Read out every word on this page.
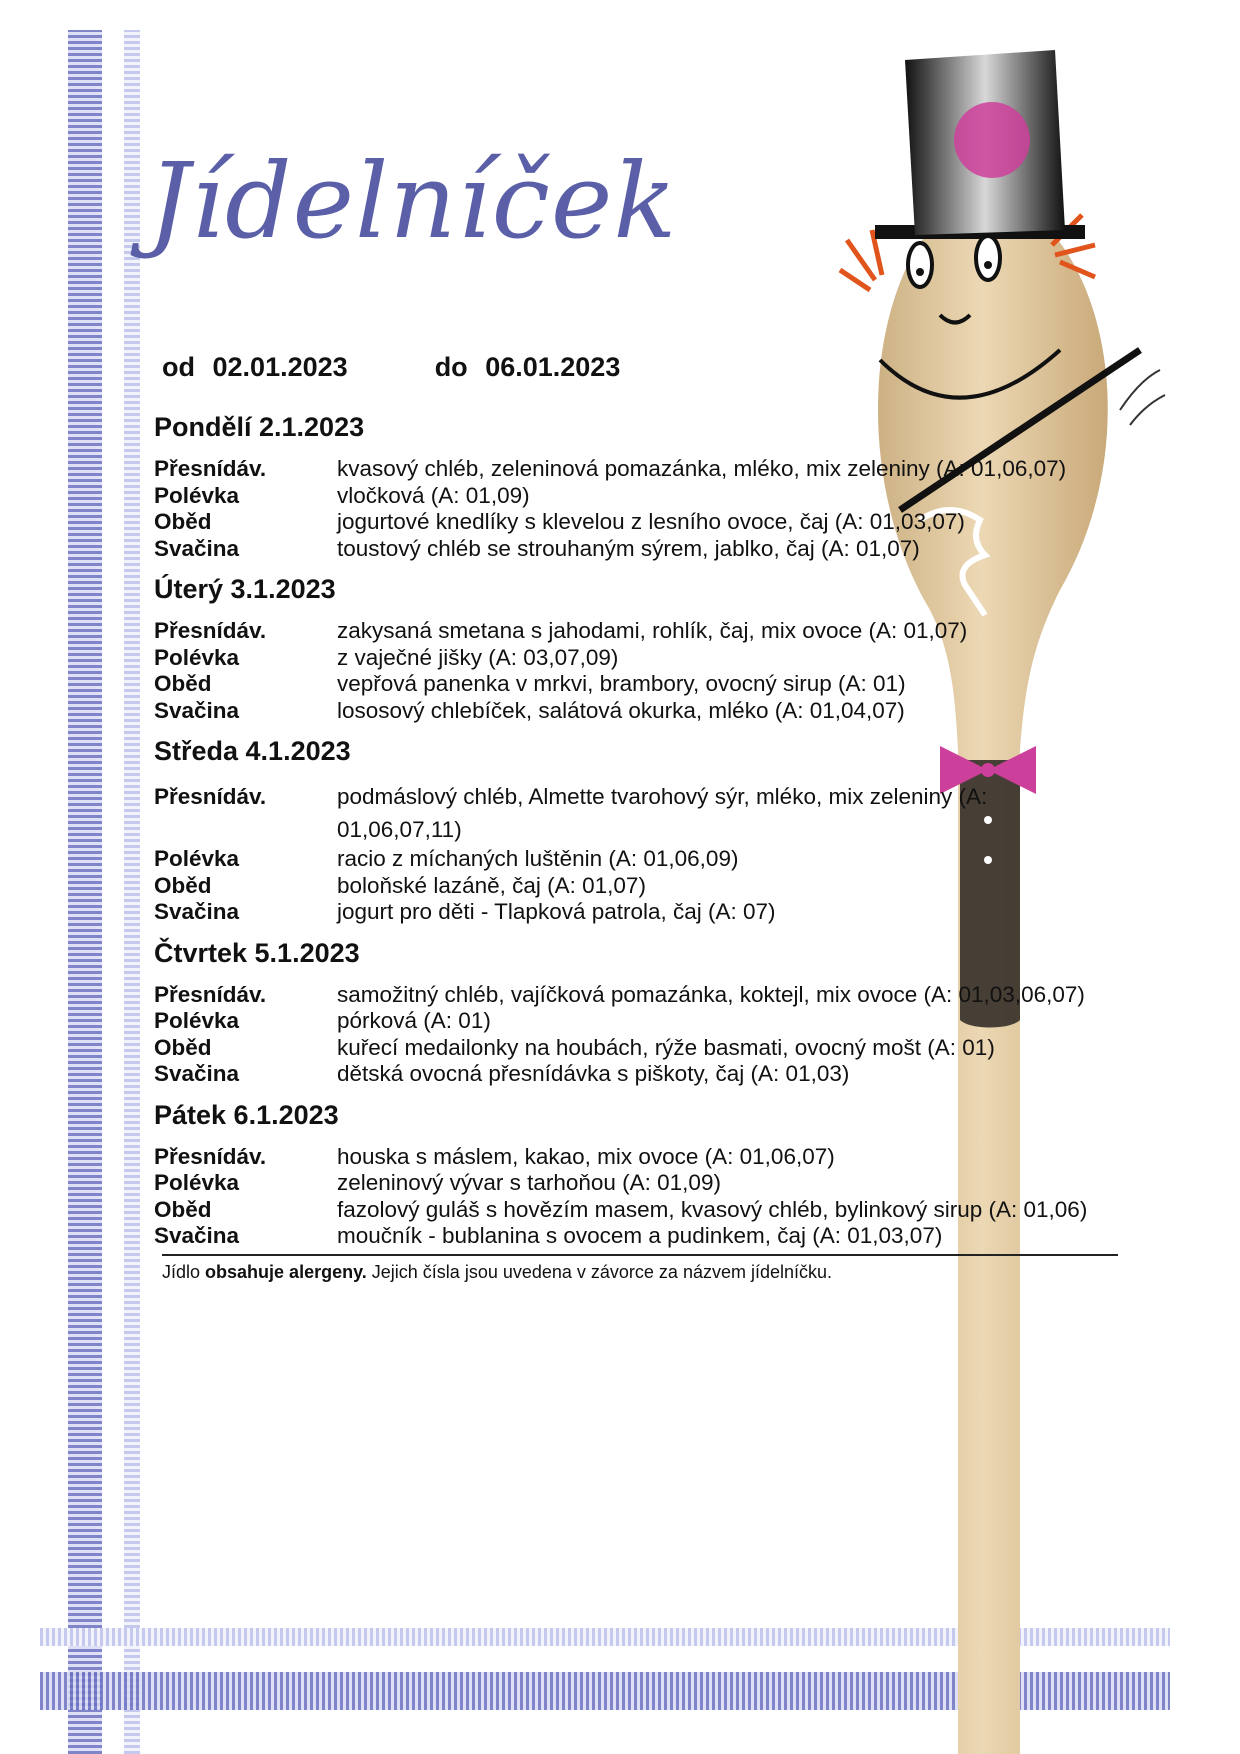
Jídelníček
od 02.01.2023	do 06.01.2023
Pondělí 2.1.2023
Přesnídáv.	kvasový chléb, zeleninová pomazánka, mléko, mix zeleniny (A: 01,06,07)
Polévka	vločková (A: 01,09)
Oběd	jogurtové knedlíky s klevelou z lesního ovoce, čaj (A: 01,03,07)
Svačina	toustový chléb se strouhaným sýrem, jablko, čaj (A: 01,07)
Úterý 3.1.2023
Přesnídáv.	zakysaná smetana s jahodami, rohlík, čaj, mix ovoce (A: 01,07)
Polévka	z vaječné jišky (A: 03,07,09)
Oběd	vepřová panenka v mrkvi, brambory, ovocný sirup (A: 01)
Svačina	lososový chlebíček, salátová okurka, mléko (A: 01,04,07)
Středa 4.1.2023
Přesnídáv.	podmáslový chléb, Almette tvarohový sýr, mléko, mix zeleniny (A: 01,06,07,11)
Polévka	racio z míchaných luštěnin (A: 01,06,09)
Oběd	boloňské lazáně, čaj (A: 01,07)
Svačina	jogurt pro děti - Tlapková patrola, čaj (A: 07)
Čtvrtek 5.1.2023
Přesnídáv.	samožitný chléb, vajíčková pomazánka, koktejl, mix ovoce (A: 01,03,06,07)
Polévka	pórková (A: 01)
Oběd	kuřecí medailonky na houbách, rýže basmati, ovocný mošt (A: 01)
Svačina	dětská ovocná přesnídávka s piškoty, čaj (A: 01,03)
Pátek 6.1.2023
Přesnídáv.	houska s máslem, kakao, mix ovoce (A: 01,06,07)
Polévka	zeleninový vývar s tarhoňou (A: 01,09)
Oběd	fazolový guláš s hovězím masem, kvasový chléb, bylinkový sirup (A: 01,06)
Svačina	moučník - bublanina s ovocem a pudinkem, čaj (A: 01,03,07)
Jídlo obsahuje alergeny. Jejich čísla jsou uvedena v závorce za názvem jídelníčku.
